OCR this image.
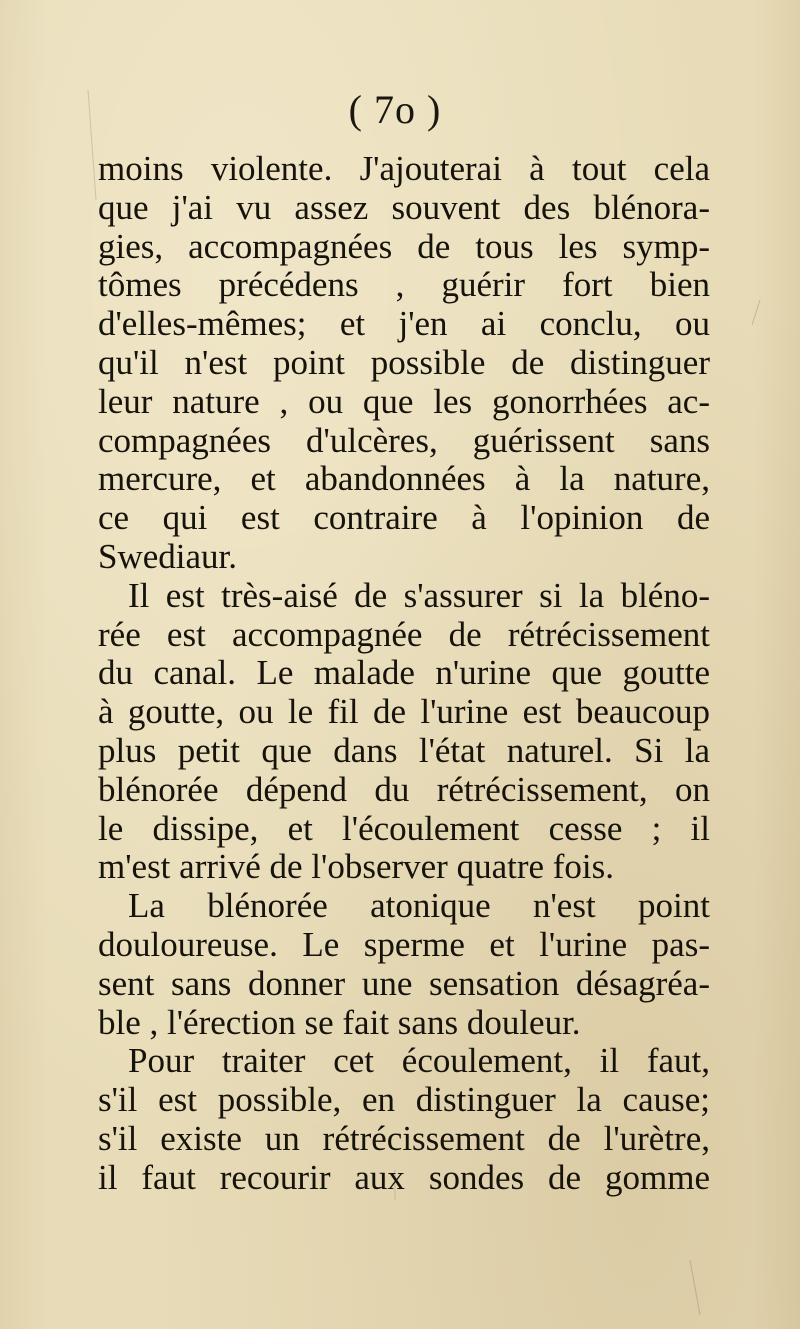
( 7o )
moins violente. J'ajouterai à tout cela
que j'ai vu assez souvent des blénora-
gies, accompagnées de tous les symp-
tômes précédens , guérir fort bien
d'elles-mêmes; et j'en ai conclu, ou
qu'il n'est point possible de distinguer
leur nature , ou que les gonorrhées ac-
compagnées d'ulcères, guérissent sans
mercure, et abandonnées à la nature,
ce qui est contraire à l'opinion de
Swediaur.
Il est très-aisé de s'assurer si la bléno-
rée est accompagnée de rétrécissement
du canal. Le malade n'urine que goutte
à goutte, ou le fil de l'urine est beaucoup
plus petit que dans l'état naturel. Si la
blénorée dépend du rétrécissement, on
le dissipe, et l'écoulement cesse ; il
m'est arrivé de l'observer quatre fois.
La blénorée atonique n'est point
douloureuse. Le sperme et l'urine pas-
sent sans donner une sensation désagréa-
ble , l'érection se fait sans douleur.
Pour traiter cet écoulement, il faut,
s'il est possible, en distinguer la cause;
s'il existe un rétrécissement de l'urètre,
il faut recourir aux sondes de gomme
